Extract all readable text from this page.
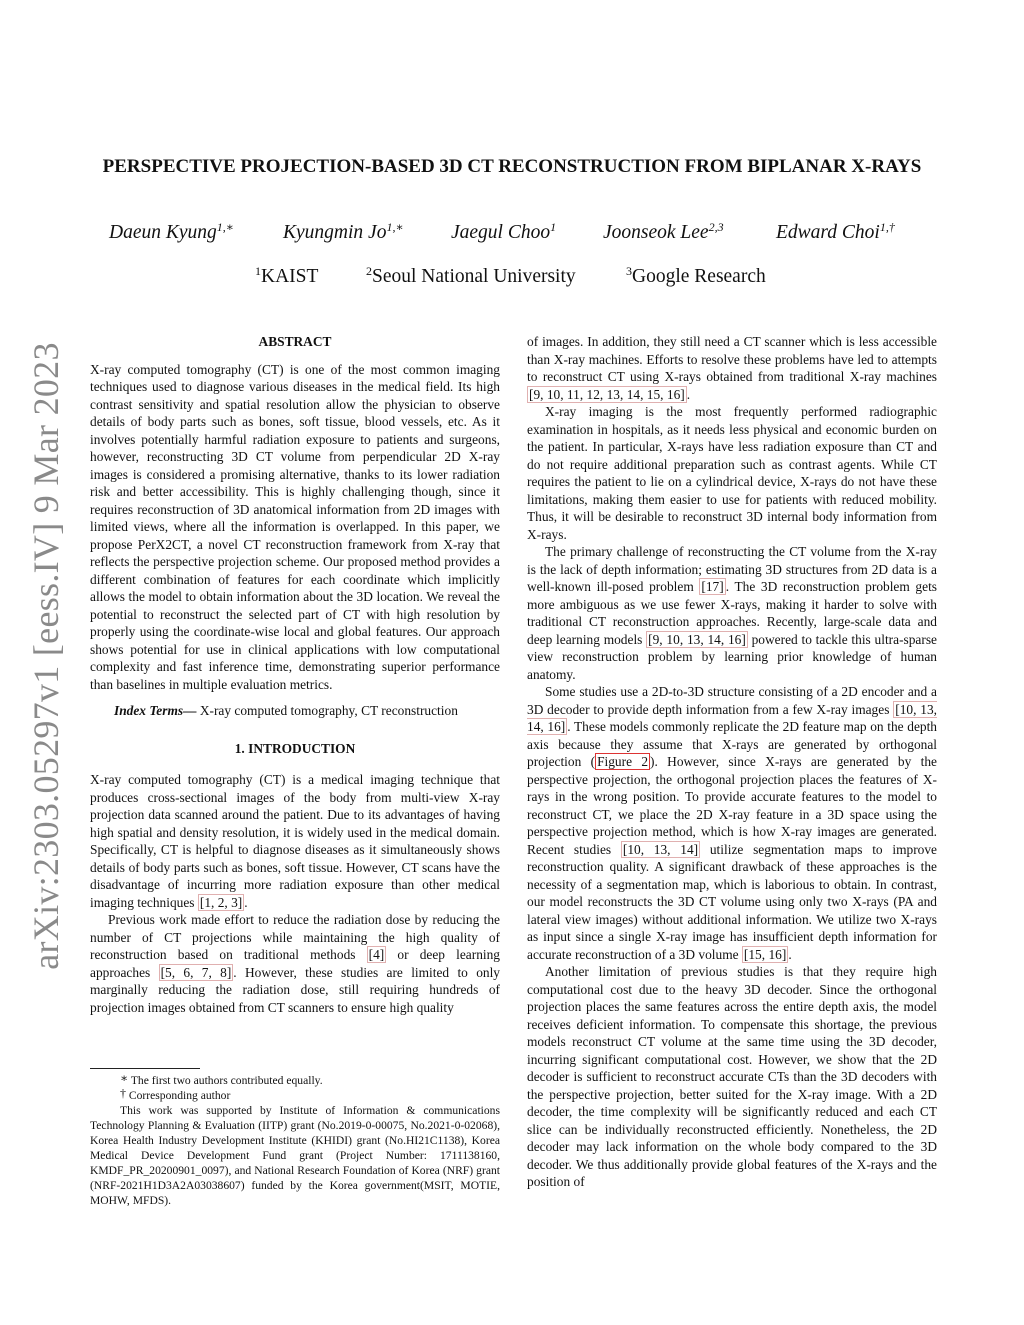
arXiv:2303.05297v1 [eess.IV] 9 Mar 2023
PERSPECTIVE PROJECTION-BASED 3D CT RECONSTRUCTION FROM BIPLANAR X-RAYS
Daeun Kyung$^{1,∗}$	Kyungmin $Jo^{1,∗}$ Jaegul Choo$^1$ Joonseok Lee$^{2,3}$	Edward Choi$^{1,\dagger}$
$^1$KAIST	$^2$Seoul National University	$^3$Google Research
ABSTRACT

X-ray computed tomography (CT) is one of the most common imaging techniques used to diagnose various diseases in the medical field. Its high contrast sensitivity and spatial resolution allow the physician to observe details of body parts such as bones, soft tissue, blood vessels, etc. As it involves potentially harmful radiation exposure to patients and surgeons, however, reconstructing 3D CT volume from perpendicular 2D X-ray images is considered a promising alternative, thanks to its lower radiation risk and better accessibility. This is highly challenging though, since it requires reconstruction of 3D anatomical information from 2D images with limited views, where all the information is overlapped. In this paper, we propose PerX2CT, a novel CT reconstruction framework from X-ray that reflects the perspective projection scheme. Our proposed method provides a different combination of features for each coordinate which implicitly allows the model to obtain information about the 3D location. We reveal the potential to reconstruct the selected part of CT with high resolution by properly using the coordinate-wise local and global features. Our approach shows potential for use in clinical applications with low computational complexity and fast inference time, demonstrating superior performance than baselines in multiple evaluation metrics.

Index Terms— X-ray computed tomography, CT reconstruction

1. INTRODUCTION

X-ray computed tomography (CT) is a medical imaging technique that produces cross-sectional images of the body from multi-view X-ray projection data scanned around the patient. Due to its advantages of having high spatial and density resolution, it is widely used in the medical domain. Specifically, CT is helpful to diagnose diseases as it simultaneously shows details of body parts such as bones, soft tissue. However, CT scans have the disadvantage of incurring more radiation exposure than other medical imaging techniques [1, 2, 3] .

Previous work made effort to reduce the radiation dose by reducing the number of CT projections while maintaining the high quality of reconstruction based on traditional methods [4] or deep learning approaches [5, 6, 7, 8] . However, these studies are limited to only marginally reducing the radiation dose, still requiring hundreds of projection images obtained from CT scanners to ensure high quality

∗ The first two authors contributed equally.

† Corresponding author

This work was supported by Institute of Information & communications Technology Planning & Evaluation (IITP) grant (No.2019-0-00075, No.2021-0-02068), Korea Health Industry Development Institute (KHIDI) grant (No.HI21C1138), Korea Medical Device Development Fund grant (Project Number: 1711138160, KMDF_PR_20200901_0097), and National Research Foundation of Korea (NRF) grant (NRF-2021H1D3A2A03038607) funded by the Korea government(MSIT, MOTIE, MOHW, MFDS).

of images. In addition, they still need a CT scanner which is less accessible than X-ray machines. Efforts to resolve these problems have led to attempts to reconstruct CT using X-rays obtained from traditional X-ray machines [9, 10, 11, 12, 13, 14, 15, 16] .

X-ray imaging is the most frequently performed radiographic examination in hospitals, as it needs less physical and economic burden on the patient. In particular, X-rays have less radiation exposure than CT and do not require additional preparation such as contrast agents. While CT requires the patient to lie on a cylindrical device, X-rays do not have these limitations, making them easier to use for patients with reduced mobility. Thus, it will be desirable to reconstruct 3D internal body information from X-rays.

The primary challenge of reconstructing the CT volume from the X-ray is the lack of depth information; estimating 3D structures from 2D data is a well-known ill-posed problem [17] . The 3D reconstruction problem gets more ambiguous as we use fewer X-rays, making it harder to solve with traditional CT reconstruction approaches. Recently, large-scale data and deep learning models [9, 10, 13, 14, 16] powered to tackle this ultra-sparse view reconstruction problem by learning prior knowledge of human anatomy.

Some studies use a 2D-to-3D structure consisting of a 2D encoder and a 3D decoder to provide depth information from a few X-ray images [10, 13, 14, 16] . These models commonly replicate the 2D feature map on the depth axis because they assume that X-rays are generated by orthogonal projection ( Figure 2 ). However, since X-rays are generated by the perspective projection, the orthogonal projection places the features of X-rays in the wrong position. To provide accurate features to the model to reconstruct CT, we place the 2D X-ray feature in a 3D space using the perspective projection method, which is how X-ray images are generated. Recent studies [10, 13, 14] utilize segmentation maps to improve reconstruction quality. A significant drawback of these approaches is the necessity of a segmentation map, which is laborious to obtain. In contrast, our model reconstructs the 3D CT volume using only two X-rays (PA and lateral view images) without additional information. We utilize two X-rays as input since a single X-ray image has insufficient depth information for accurate reconstruction of a 3D volume [15, 16] .

Another limitation of previous studies is that they require high computational cost due to the heavy 3D decoder. Since the orthogonal projection places the same features across the entire depth axis, the model receives deficient information. To compensate this shortage, the previous models reconstruct CT volume at the same time using the 3D decoder, incurring significant computational cost. However, we show that the 2D decoder is sufficient to reconstruct accurate CTs than the 3D decoders with the perspective projection, better suited for the X-ray image. With a 2D decoder, the time complexity will be significantly reduced and each CT slice can be individually reconstructed efficiently. Nonetheless, the 2D decoder may lack information on the whole body compared to the 3D decoder. We thus additionally provide global features of the X-rays and the position of
